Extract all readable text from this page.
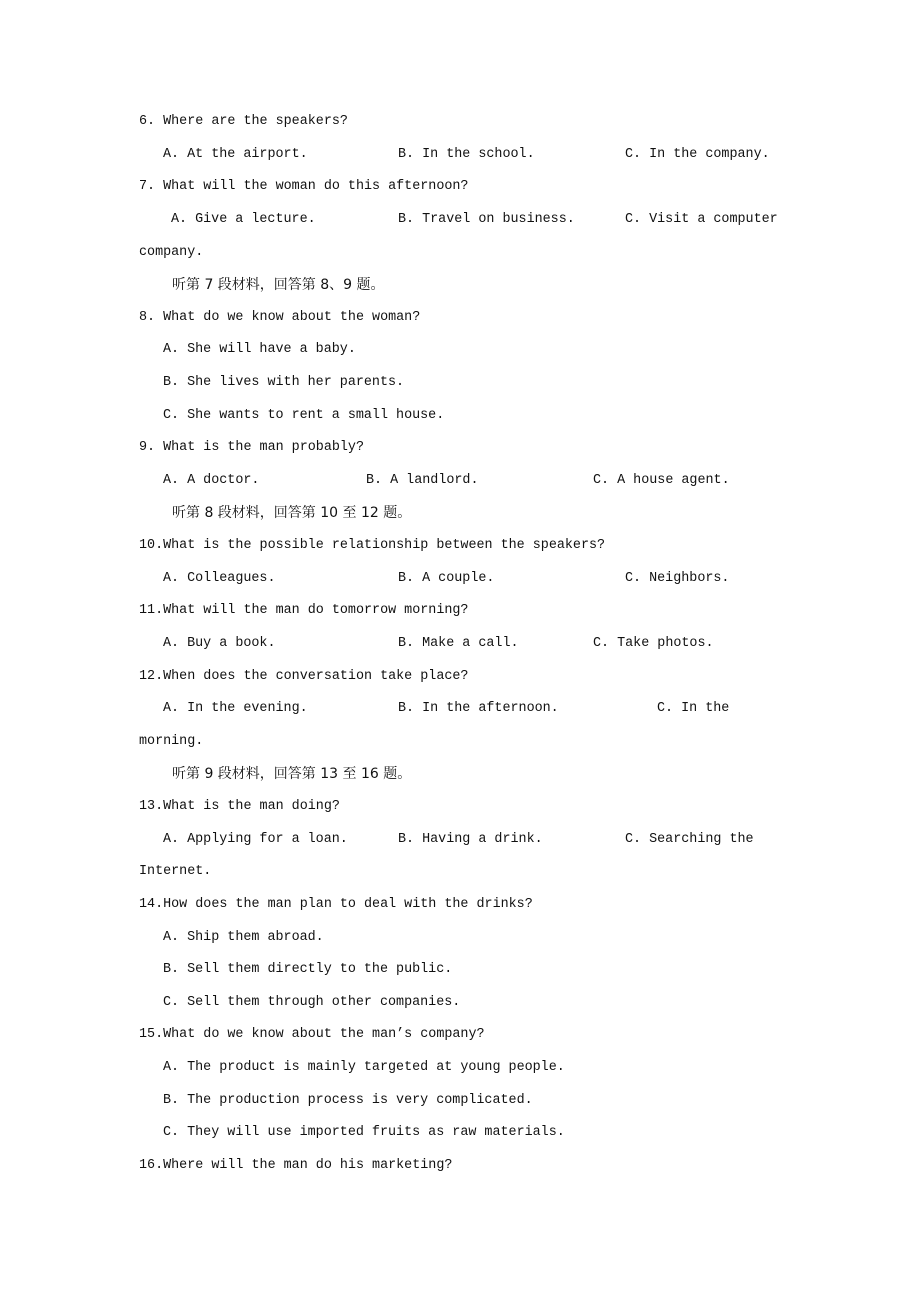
6. Where are the speakers?
A. At the airport.	B. In the school.	C. In the company.
7. What will the woman do this afternoon?
A. Give a lecture.	B. Travel on business.	C. Visit a computer
company.
听第 7 段材料，回答第 8、9 题。
8. What do we know about the woman?
A. She will have a baby.
B. She lives with her parents.
C. She wants to rent a small house.
9. What is the man probably?
A. A doctor.	B. A landlord.	C. A house agent.
听第 8 段材料，回答第 10 至 12 题。
10.What is the possible relationship between the speakers?
A. Colleagues.	B. A couple.	C. Neighbors.
11.What will the man do tomorrow morning?
A. Buy a book.	B. Make a call.	C. Take photos.
12.When does the conversation take place?
A. In the evening.	B. In the afternoon.	C. In the
morning.
听第 9 段材料，回答第 13 至 16 题。
13.What is the man doing?
A. Applying for a loan.	B. Having a drink.	C. Searching the
Internet.
14.How does the man plan to deal with the drinks?
A. Ship them abroad.
B. Sell them directly to the public.
C. Sell them through other companies.
15.What do we know about the man’s company?
A. The product is mainly targeted at young people.
B. The production process is very complicated.
C. They will use imported fruits as raw materials.
16.Where will the man do his marketing?
